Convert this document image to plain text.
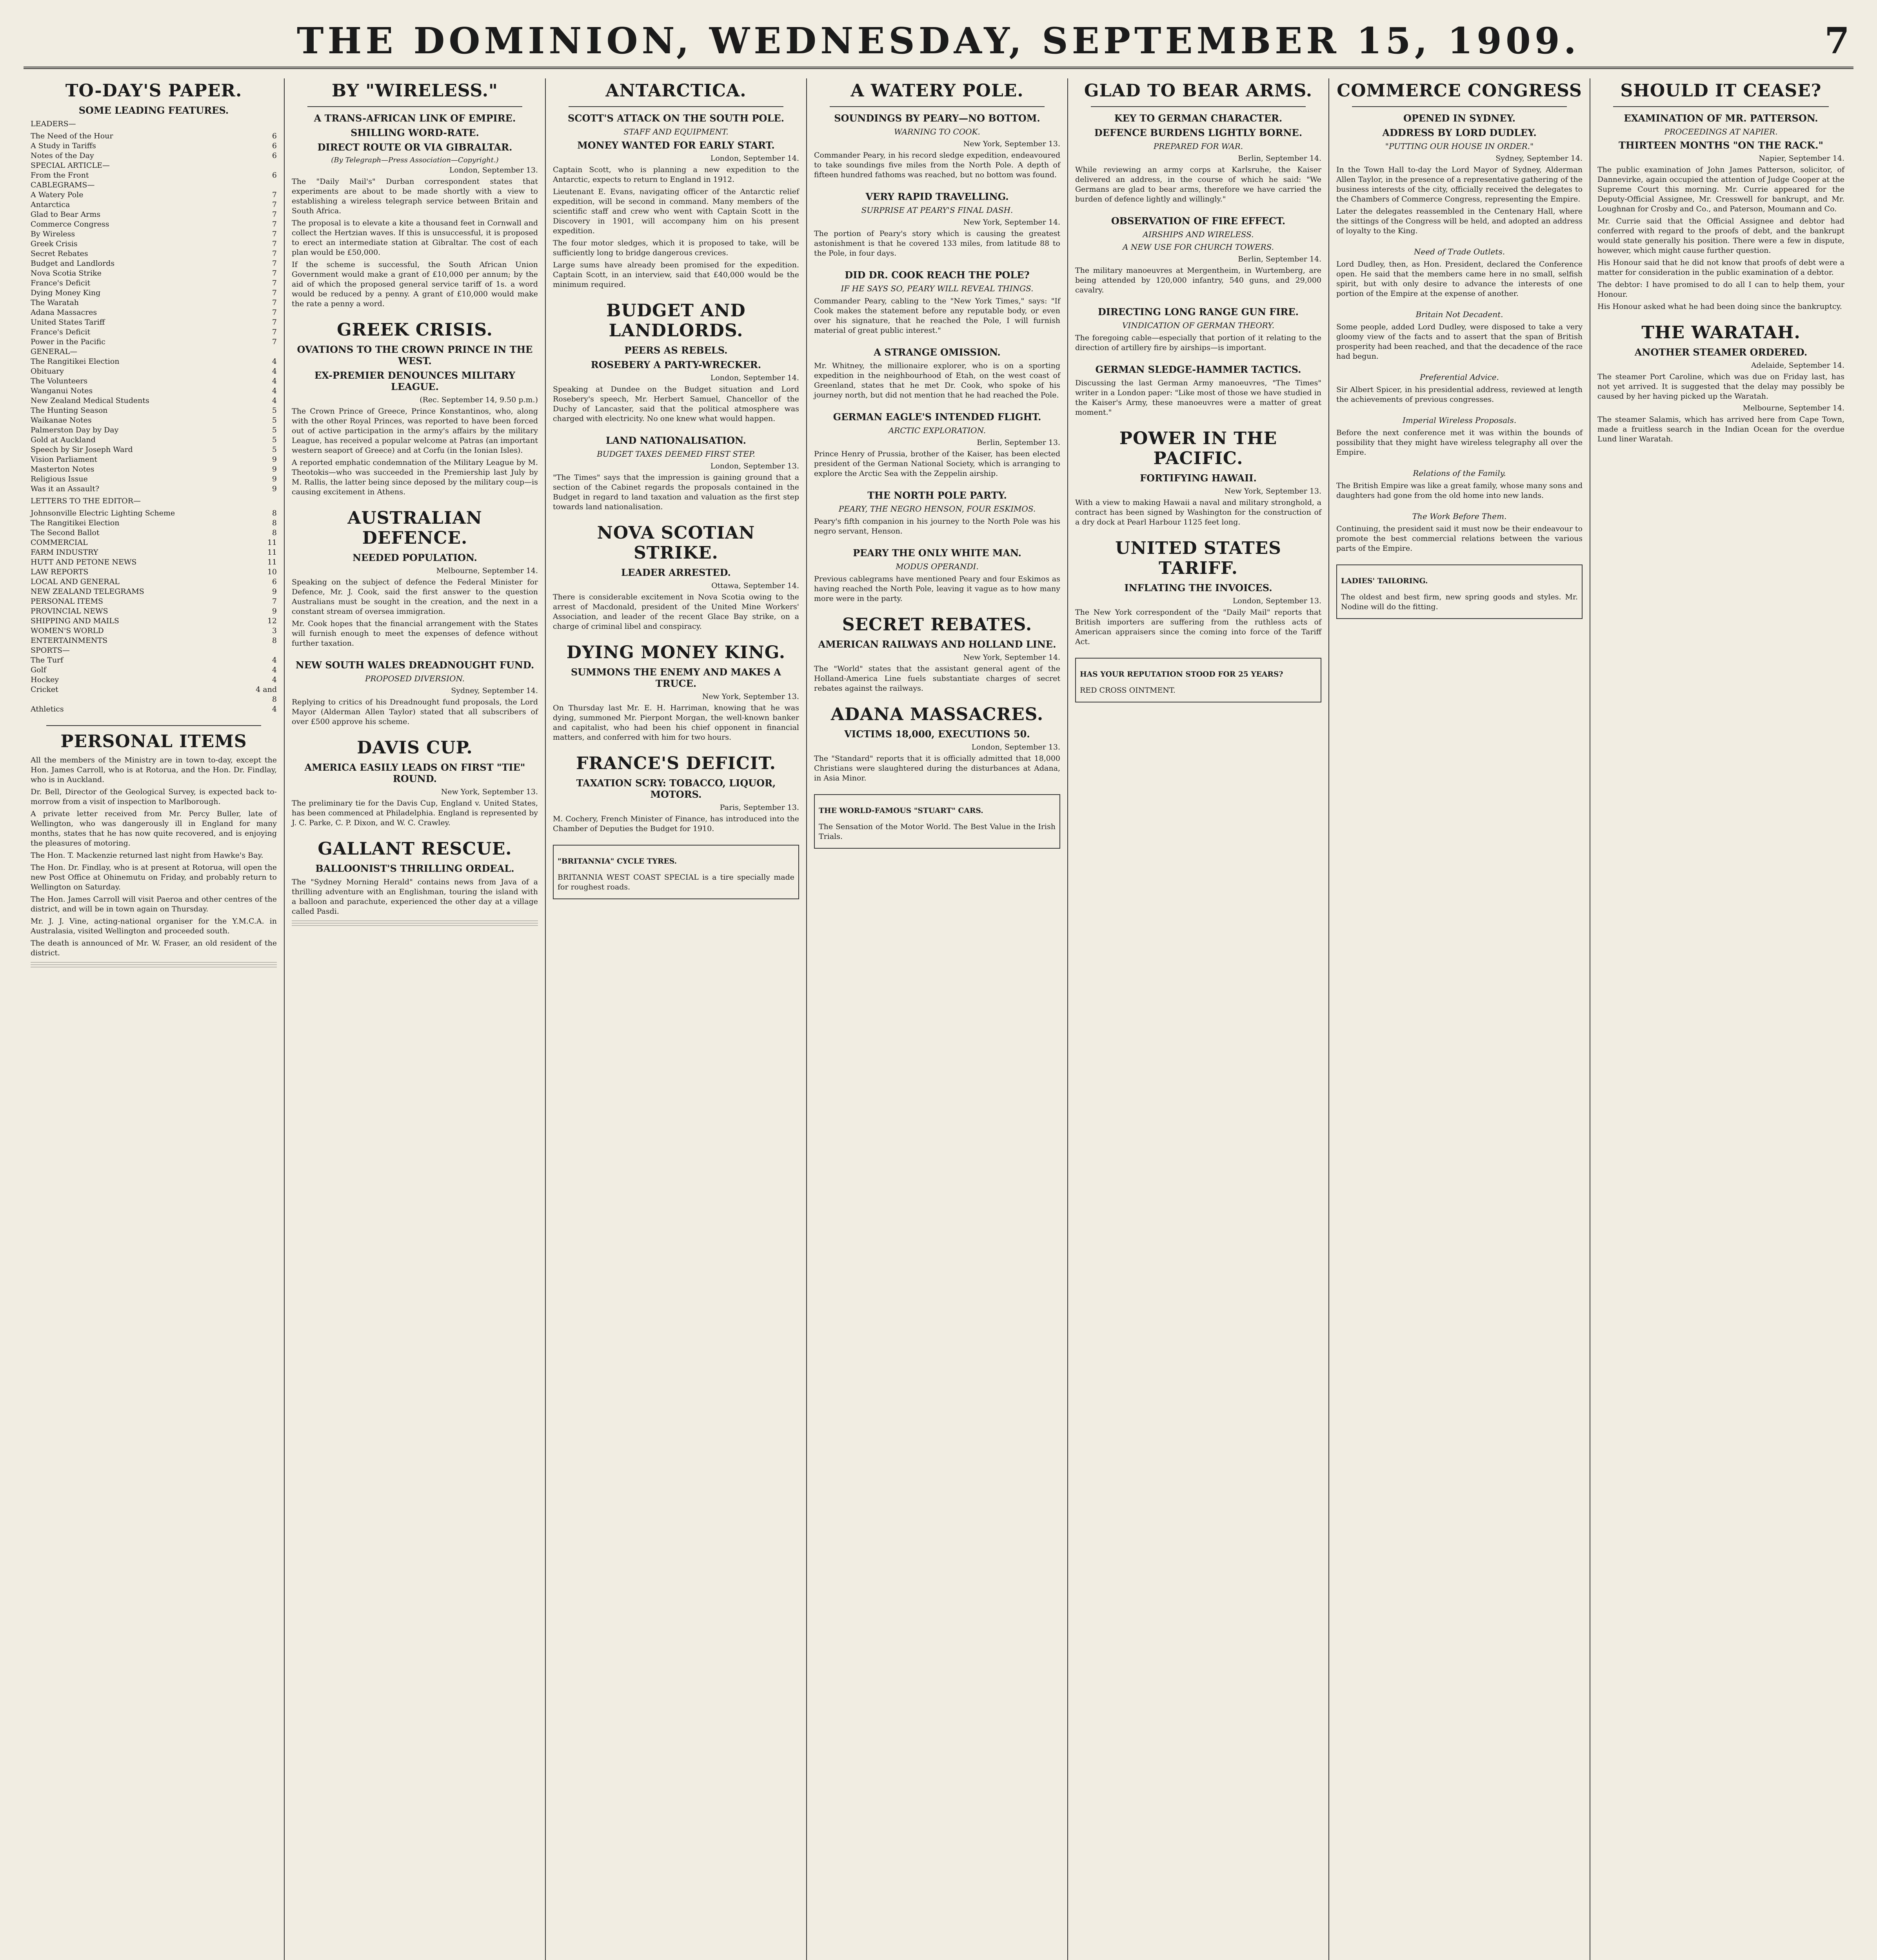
THE DOMINION, WEDNESDAY, SEPTEMBER 15, 1909.	7
TO-DAY'S PAPER.
SOME LEADING FEATURES.

LEADERS—

The Need of the Hour	6
A Study in Tariffs	6
Notes of the Day	6
SPECIAL ARTICLE—
From the Front	6
CABLEGRAMS—
A Watery Pole	7
Antarctica	7
Glad to Bear Arms	7
Commerce Congress	7
By Wireless	7
Greek Crisis	7
Secret Rebates	7
Budget and Landlords	7
Nova Scotia Strike	7
France's Deficit	7
Dying Money King	7
The Waratah	7
Adana Massacres	7
United States Tariff	7
France's Deficit	7
Power in the Pacific	7
GENERAL—
The Rangitikei Election	4
Obituary	4
The Volunteers	4
Wanganui Notes	4
New Zealand Medical Students	4
The Hunting Season	5
Waikanae Notes	5
Palmerston Day by Day	5
Gold at Auckland	5
Speech by Sir Joseph Ward	5
Vision Parliament	9
Masterton Notes	9
Religious Issue	9
Was it an Assault?	9

LETTERS TO THE EDITOR—

Johnsonville Electric Lighting Scheme	8
The Rangitikei Election	8
The Second Ballot	8
COMMERCIAL	11
FARM INDUSTRY	11
HUTT AND PETONE NEWS	11
LAW REPORTS	10
LOCAL AND GENERAL	6
NEW ZEALAND TELEGRAMS	9
PERSONAL ITEMS	7
PROVINCIAL NEWS	9
SHIPPING AND MAILS	12
WOMEN'S WORLD	3
ENTERTAINMENTS	8
SPORTS—
The Turf	4
Golf	4
Hockey	4
Cricket	4 and 8
Athletics	4
PERSONAL ITEMS

All the members of the Ministry are in town to-day, except the Hon. James Carroll, who is at Rotorua, and the Hon. Dr. Findlay, who is in Auckland.

Dr. Bell, Director of the Geological Survey, is expected back to-morrow from a visit of inspection to Marlborough.

A private letter received from Mr. Percy Buller, late of Wellington, who was dangerously ill in England for many months, states that he has now quite recovered, and is enjoying the pleasures of motoring.

The Hon. T. Mackenzie returned last night from Hawke's Bay.

The Hon. Dr. Findlay, who is at present at Rotorua, will open the new Post Office at Ohinemutu on Friday, and probably return to Wellington on Saturday.

The Hon. James Carroll will visit Paeroa and other centres of the district, and will be in town again on Thursday.

Mr. J. J. Vine, acting-national organiser for the Y.M.C.A. in Australasia, visited Wellington and proceeded south.

The death is announced of Mr. W. Fraser, an old resident of the district.

BY "WIRELESS."
A TRANS-AFRICAN LINK OF EMPIRE.
SHILLING WORD-RATE.
DIRECT ROUTE OR VIA GIBRALTAR.
(By Telegraph—Press Association—Copyright.)
London, September 13.

The "Daily Mail's" Durban correspondent states that experiments are about to be made shortly with a view to establishing a wireless telegraph service between Britain and South Africa.

The proposal is to elevate a kite a thousand feet in Cornwall and collect the Hertzian waves. If this is unsuccessful, it is proposed to erect an intermediate station at Gibraltar. The cost of each plan would be £50,000.

If the scheme is successful, the South African Union Government would make a grant of £10,000 per annum; by the aid of which the proposed general service tariff of 1s. a word would be reduced by a penny. A grant of £10,000 would make the rate a penny a word.

GREEK CRISIS.
OVATIONS TO THE CROWN PRINCE IN THE WEST.
EX-PREMIER DENOUNCES MILITARY LEAGUE.
(Rec. September 14, 9.50 p.m.)

The Crown Prince of Greece, Prince Konstantinos, who, along with the other Royal Princes, was reported to have been forced out of active participation in the army's affairs by the military League, has received a popular welcome at Patras (an important western seaport of Greece) and at Corfu (in the Ionian Isles).

A reported emphatic condemnation of the Military League by M. Theotokis—who was succeeded in the Premiership last July by M. Rallis, the latter being since deposed by the military coup—is causing excitement in Athens.

AUSTRALIAN DEFENCE.
NEEDED POPULATION.
Melbourne, September 14.

Speaking on the subject of defence the Federal Minister for Defence, Mr. J. Cook, said the first answer to the question Australians must be sought in the creation, and the next in a constant stream of oversea immigration.

Mr. Cook hopes that the financial arrangement with the States will furnish enough to meet the expenses of defence without further taxation.

NEW SOUTH WALES DREADNOUGHT FUND.
PROPOSED DIVERSION.
Sydney, September 14.

Replying to critics of his Dreadnought fund proposals, the Lord Mayor (Alderman Allen Taylor) stated that all subscribers of over £500 approve his scheme.

DAVIS CUP.
AMERICA EASILY LEADS ON FIRST "TIE" ROUND.
New York, September 13.

The preliminary tie for the Davis Cup, England v. United States, has been commenced at Philadelphia. England is represented by J. C. Parke, C. P. Dixon, and W. C. Crawley.

GALLANT RESCUE.
BALLOONIST'S THRILLING ORDEAL.

The "Sydney Morning Herald" contains news from Java of a thrilling adventure with an Englishman, touring the island with a balloon and parachute, experienced the other day at a village called Pasdi.

ANTARCTICA.
SCOTT'S ATTACK ON THE SOUTH POLE.
STAFF AND EQUIPMENT.
MONEY WANTED FOR EARLY START.
London, September 14.

Captain Scott, who is planning a new expedition to the Antarctic, expects to return to England in 1912.

Lieutenant E. Evans, navigating officer of the Antarctic relief expedition, will be second in command. Many members of the scientific staff and crew who went with Captain Scott in the Discovery in 1901, will accompany him on his present expedition.

The four motor sledges, which it is proposed to take, will be sufficiently long to bridge dangerous crevices.

Large sums have already been promised for the expedition. Captain Scott, in an interview, said that £40,000 would be the minimum required.

BUDGET AND LANDLORDS.
PEERS AS REBELS.
ROSEBERY A PARTY-WRECKER.
London, September 14.

Speaking at Dundee on the Budget situation and Lord Rosebery's speech, Mr. Herbert Samuel, Chancellor of the Duchy of Lancaster, said that the political atmosphere was charged with electricity. No one knew what would happen.

LAND NATIONALISATION.
BUDGET TAXES DEEMED FIRST STEP.
London, September 13.

"The Times" says that the impression is gaining ground that a section of the Cabinet regards the proposals contained in the Budget in regard to land taxation and valuation as the first step towards land nationalisation.

NOVA SCOTIAN STRIKE.
LEADER ARRESTED.
Ottawa, September 14.

There is considerable excitement in Nova Scotia owing to the arrest of Macdonald, president of the United Mine Workers' Association, and leader of the recent Glace Bay strike, on a charge of criminal libel and conspiracy.

DYING MONEY KING.
SUMMONS THE ENEMY AND MAKES A TRUCE.
New York, September 13.

On Thursday last Mr. E. H. Harriman, knowing that he was dying, summoned Mr. Pierpont Morgan, the well-known banker and capitalist, who had been his chief opponent in financial matters, and conferred with him for two hours.

FRANCE'S DEFICIT.
TAXATION SCRY: TOBACCO, LIQUOR, MOTORS.
Paris, September 13.

M. Cochery, French Minister of Finance, has introduced into the Chamber of Deputies the Budget for 1910.

"BRITANNIA" CYCLE TYRES.

BRITANNIA WEST COAST SPECIAL is a tire specially made for roughest roads.

A WATERY POLE.
SOUNDINGS BY PEARY—NO BOTTOM.
WARNING TO COOK.
New York, September 13.

Commander Peary, in his record sledge expedition, endeavoured to take soundings five miles from the North Pole. A depth of fifteen hundred fathoms was reached, but no bottom was found.

VERY RAPID TRAVELLING.
SURPRISE AT PEARY'S FINAL DASH.
New York, September 14.

The portion of Peary's story which is causing the greatest astonishment is that he covered 133 miles, from latitude 88 to the Pole, in four days.

DID DR. COOK REACH THE POLE?
IF HE SAYS SO, PEARY WILL REVEAL THINGS.

Commander Peary, cabling to the "New York Times," says: "If Cook makes the statement before any reputable body, or even over his signature, that he reached the Pole, I will furnish material of great public interest."

A STRANGE OMISSION.

Mr. Whitney, the millionaire explorer, who is on a sporting expedition in the neighbourhood of Etah, on the west coast of Greenland, states that he met Dr. Cook, who spoke of his journey north, but did not mention that he had reached the Pole.

GERMAN EAGLE'S INTENDED FLIGHT.
ARCTIC EXPLORATION.
Berlin, September 13.

Prince Henry of Prussia, brother of the Kaiser, has been elected president of the German National Society, which is arranging to explore the Arctic Sea with the Zeppelin airship.

THE NORTH POLE PARTY.
PEARY, THE NEGRO HENSON, FOUR ESKIMOS.

Peary's fifth companion in his journey to the North Pole was his negro servant, Henson.

PEARY THE ONLY WHITE MAN.
MODUS OPERANDI.

Previous cablegrams have mentioned Peary and four Eskimos as having reached the North Pole, leaving it vague as to how many more were in the party.

SECRET REBATES.
AMERICAN RAILWAYS AND HOLLAND LINE.
New York, September 14.

The "World" states that the assistant general agent of the Holland-America Line fuels substantiate charges of secret rebates against the railways.

ADANA MASSACRES.
VICTIMS 18,000, EXECUTIONS 50.
London, September 13.

The "Standard" reports that it is officially admitted that 18,000 Christians were slaughtered during the disturbances at Adana, in Asia Minor.

THE WORLD-FAMOUS "STUART" CARS.

The Sensation of the Motor World. The Best Value in the Irish Trials.

GLAD TO BEAR ARMS.
KEY TO GERMAN CHARACTER.
DEFENCE BURDENS LIGHTLY BORNE.
PREPARED FOR WAR.
Berlin, September 14.

While reviewing an army corps at Karlsruhe, the Kaiser delivered an address, in the course of which he said: "We Germans are glad to bear arms, therefore we have carried the burden of defence lightly and willingly."

OBSERVATION OF FIRE EFFECT.
AIRSHIPS AND WIRELESS.
A NEW USE FOR CHURCH TOWERS.
Berlin, September 14.

The military manoeuvres at Mergentheim, in Wurtemberg, are being attended by 120,000 infantry, 540 guns, and 29,000 cavalry.

DIRECTING LONG RANGE GUN FIRE.
VINDICATION OF GERMAN THEORY.

The foregoing cable—especially that portion of it relating to the direction of artillery fire by airships—is important.

GERMAN SLEDGE-HAMMER TACTICS.

Discussing the last German Army manoeuvres, "The Times" writer in a London paper: "Like most of those we have studied in the Kaiser's Army, these manoeuvres were a matter of great moment."

POWER IN THE PACIFIC.
FORTIFYING HAWAII.
New York, September 13.

With a view to making Hawaii a naval and military stronghold, a contract has been signed by Washington for the construction of a dry dock at Pearl Harbour 1125 feet long.

UNITED STATES TARIFF.
INFLATING THE INVOICES.
London, September 13.

The New York correspondent of the "Daily Mail" reports that British importers are suffering from the ruthless acts of American appraisers since the coming into force of the Tariff Act.

HAS YOUR REPUTATION STOOD FOR 25 YEARS?

RED CROSS OINTMENT.

COMMERCE CONGRESS
OPENED IN SYDNEY.
ADDRESS BY LORD DUDLEY.
"PUTTING OUR HOUSE IN ORDER."
Sydney, September 14.

In the Town Hall to-day the Lord Mayor of Sydney, Alderman Allen Taylor, in the presence of a representative gathering of the business interests of the city, officially received the delegates to the Chambers of Commerce Congress, representing the Empire.

Later the delegates reassembled in the Centenary Hall, where the sittings of the Congress will be held, and adopted an address of loyalty to the King.

Need of Trade Outlets.

Lord Dudley, then, as Hon. President, declared the Conference open. He said that the members came here in no small, selfish spirit, but with only desire to advance the interests of one portion of the Empire at the expense of another.

Britain Not Decadent.

Some people, added Lord Dudley, were disposed to take a very gloomy view of the facts and to assert that the span of British prosperity had been reached, and that the decadence of the race had begun.

Preferential Advice.

Sir Albert Spicer, in his presidential address, reviewed at length the achievements of previous congresses.

Imperial Wireless Proposals.

Before the next conference met it was within the bounds of possibility that they might have wireless telegraphy all over the Empire.

Relations of the Family.

The British Empire was like a great family, whose many sons and daughters had gone from the old home into new lands.

The Work Before Them.

Continuing, the president said it must now be their endeavour to promote the best commercial relations between the various parts of the Empire.

LADIES' TAILORING.

The oldest and best firm, new spring goods and styles. Mr. Nodine will do the fitting.

SHOULD IT CEASE?
EXAMINATION OF MR. PATTERSON.
PROCEEDINGS AT NAPIER.
THIRTEEN MONTHS "ON THE RACK."
Napier, September 14.

The public examination of John James Patterson, solicitor, of Dannevirke, again occupied the attention of Judge Cooper at the Supreme Court this morning. Mr. Currie appeared for the Deputy-Official Assignee, Mr. Cresswell for bankrupt, and Mr. Loughnan for Crosby and Co., and Paterson, Moumann and Co.

Mr. Currie said that the Official Assignee and debtor had conferred with regard to the proofs of debt, and the bankrupt would state generally his position. There were a few in dispute, however, which might cause further question.

His Honour said that he did not know that proofs of debt were a matter for consideration in the public examination of a debtor.

The debtor: I have promised to do all I can to help them, your Honour.

His Honour asked what he had been doing since the bankruptcy.

THE WARATAH.
ANOTHER STEAMER ORDERED.
Adelaide, September 14.

The steamer Port Caroline, which was due on Friday last, has not yet arrived. It is suggested that the delay may possibly be caused by her having picked up the Waratah.

Melbourne, September 14.

The steamer Salamis, which has arrived here from Cape Town, made a fruitless search in the Indian Ocean for the overdue Lund liner Waratah.
